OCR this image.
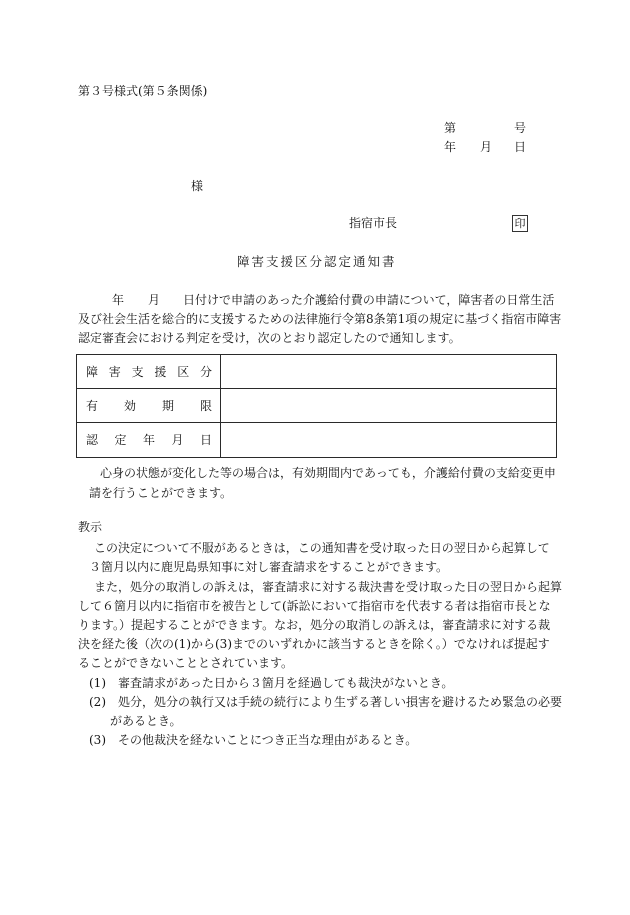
第３号様式(第５条関係)
第	号
年 月 日
様
指宿市長	印
障害支援区分認定通知書
年 月 日付けで申請のあった介護給付費の申請について，障害者の日常生活
及び社会生活を総合的に支援するための法律施行令第8条第1項の規定に基づく指宿市障害
認定審査会における判定を受け，次のとおり認定したので通知します。
障害支援区分
有効期限
認定年月日
心身の状態が変化した等の場合は，有効期間内であっても，介護給付費の支給変更申
請を行うことができます。
教示
この決定について不服があるときは，この通知書を受け取った日の翌日から起算して
３箇月以内に鹿児島県知事に対し審査請求をすることができます。
また，処分の取消しの訴えは，審査請求に対する裁決書を受け取った日の翌日から起算
して６箇月以内に指宿市を被告として(訴訟において指宿市を代表する者は指宿市長とな
ります。）提起することができます。なお，処分の取消しの訴えは，審査請求に対する裁
決を経た後（次の(1)から(3)までのいずれかに該当するときを除く。）でなければ提起す
ることができないこととされています。
(1) 審査請求があった日から３箇月を経過しても裁決がないとき。
(2) 処分，処分の執行又は手続の続行により生ずる著しい損害を避けるため緊急の必要
があるとき。
(3) その他裁決を経ないことにつき正当な理由があるとき。
